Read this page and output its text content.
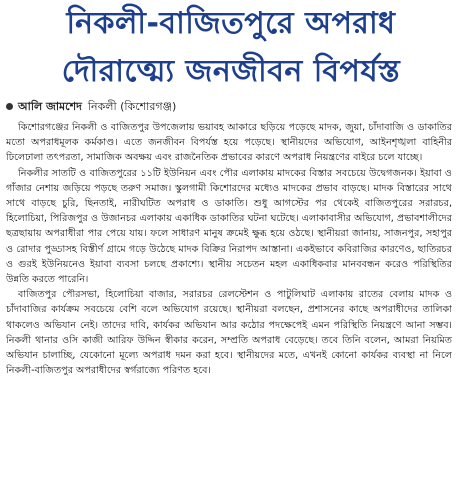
নিকলী-বাজিতপুরে অপরাধ
দৌরাত্ম্যে জনজীবন বিপর্যস্ত
আলি জামশেদ নিকলী (কিশোরগঞ্জ)

কিশোরগঞ্জের নিকলী ও বাজিতপুর উপজেলায় ভয়াবহ আকারে ছড়িয়ে পড়েছে মাদক, জুয়া, চাঁদাবাজি ও ডাকাতির মতো অপরাধমূলক কর্মকাণ্ড। এতে জনজীবন বিপর্যস্ত হয়ে পড়েছে। স্থানীয়দের অভিযোগ, আইনশৃঙ্খলা বাহিনীর ঢিলেঢালা তৎপরতা, সামাজিক অবক্ষয় এবং রাজনৈতিক প্রভাবের কারণে অপরাধ নিয়ন্ত্রণের বাইরে চলে যাচ্ছে।

নিকলীর সাতটি ও বাজিতপুরের ১১টি ইউনিয়ন এবং পৌর এলাকায় মাদকের বিস্তার সবচেয়ে উদ্বেগজনক। ইয়াবা ও গাঁজার নেশায় জড়িয়ে পড়ছে তরুণ সমাজ। স্কুলগামী কিশোরদের মধ্যেও মাদকের প্রভাব বাড়ছে। মাদক বিস্তারের সাথে সাথে বাড়ছে চুরি, ছিনতাই, নারীঘটিত অপরাধ ও ডাকাতি। শুধু আগস্টের পর থেকেই বাজিতপুরের সরারচর, হিলোচিয়া, পিরিজপুর ও উজানচর এলাকায় একাধিক ডাকাতির ঘটনা ঘটেছে। এলাকাবাসীর অভিযোগ, প্রভাবশালীদের ছত্রছায়ায় অপরাধীরা পার পেয়ে যায়। ফলে সাধারণ মানুষ ক্রমেই ক্ষুব্ধ হয়ে ওঠছে। স্থানীয়রা জানায়, সাজনপুর, সহাপুর ও রোদার পুড্ডাসহ বিস্তীর্ণ গ্রামে গড়ে উঠেছে মাদক বিক্রির নিরাপদ আস্তানা। একইভাবে কবিরাজির কারণেও, ছাতিরচর ও গুরই ইউনিয়নেও ইয়াবা ব্যবসা চলছে প্রকাশ্যে। স্থানীয় সচেতন মহল একাধিকবার মানববন্ধন করেও পরিস্থিতির উন্নতি করতে পারেনি।

বাজিতপুর পৌরসভা, হিলোচিয়া বাজার, সরারচর রেলস্টেশন ও পাটুলিঘাট এলাকায় রাতের বেলায় মাদক ও চাঁদাবাজির কার্যক্রম সবচেয়ে বেশি বলে অভিযোগ রয়েছে। স্থানীয়রা বলছেন, প্রশাসনের কাছে অপরাধীদের তালিকা থাকলেও অভিযান নেই। তাদের দাবি, কার্যকর অভিযান আর কঠোর পদক্ষেপেই এমন পরিস্থিতি নিয়ন্ত্রণে আনা সম্ভব। নিকলী থানার ওসি কাজী আরিফ উদ্দিন স্বীকার করেন, সম্প্রতি অপরাধ বেড়েছে। তবে তিনি বলেন, আমরা নিয়মিত অভিযান চালাচ্ছি, যেকোনো মূল্যে অপরাধ দমন করা হবে। স্থানীয়দের মতে, এখনই কোনো কার্যকর ব্যবস্থা না নিলে নিকলী-বাজিতপুর অপরাধীদের স্বর্গরাজ্যে পরিণত হবে।
